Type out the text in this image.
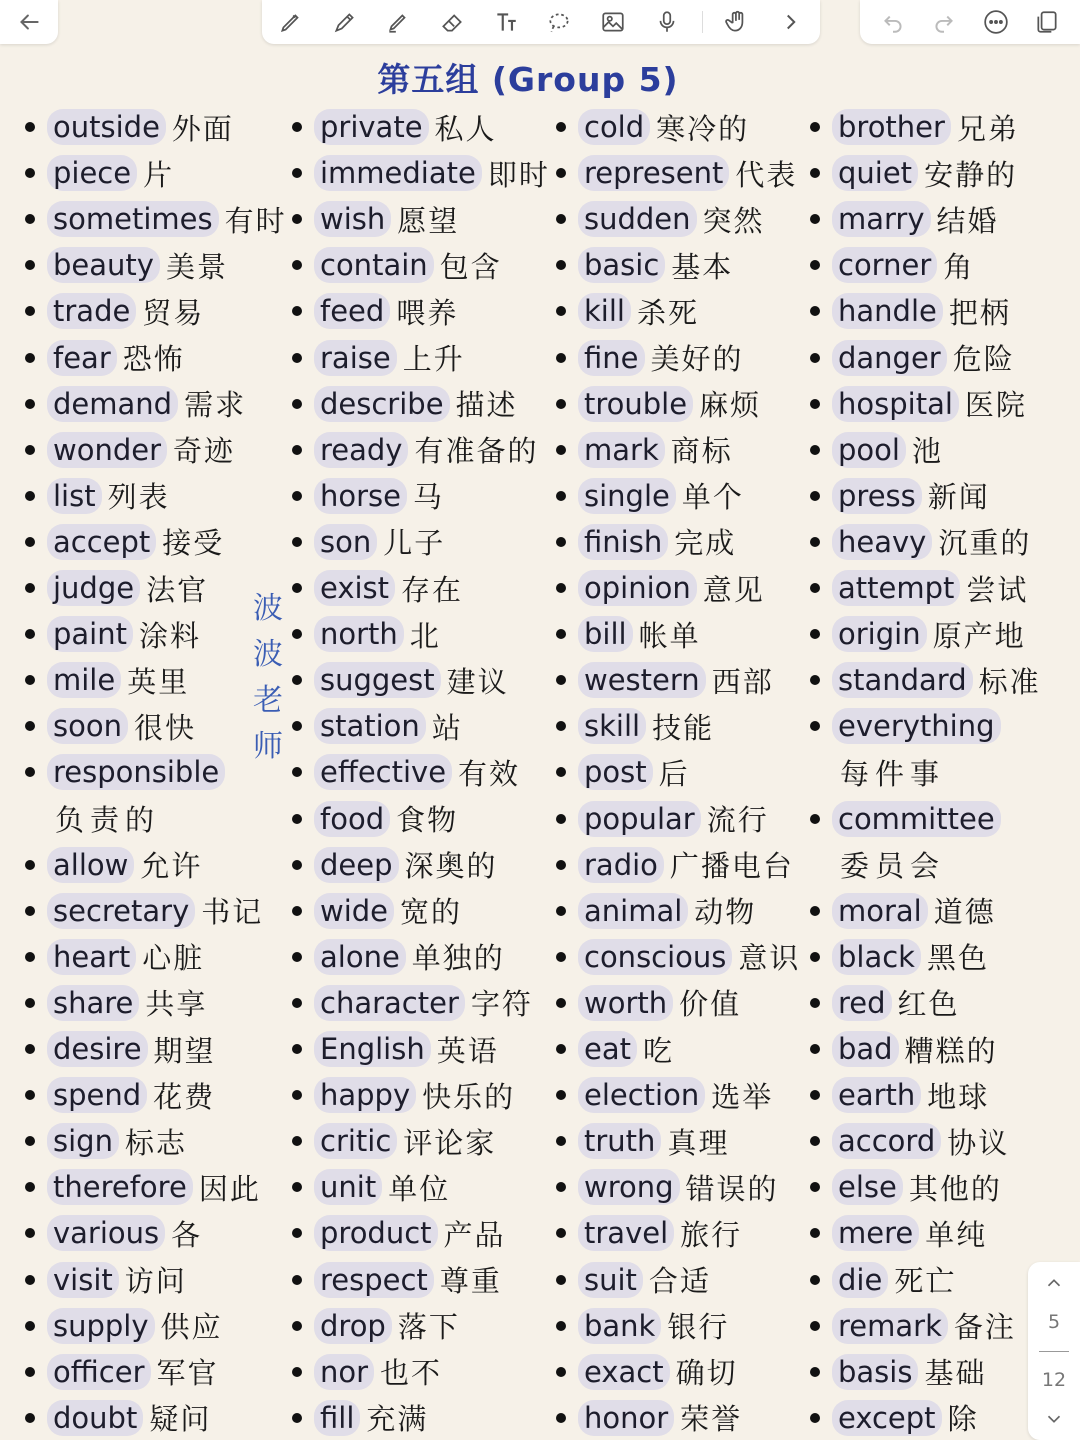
第五组 (Group 5)
outside 外面
piece 片
sometimes 有时
beauty 美景
trade 贸易
fear 恐怖
demand 需求
wonder 奇迹
list 列表
accept 接受
judge 法官
paint 涂料
mile 英里
soon 很快
responsible
负责的
allow 允许
secretary 书记
heart 心脏
share 共享
desire 期望
spend 花费
sign 标志
therefore 因此
various 各
visit 访问
supply 供应
officer 军官
doubt 疑问
private 私人
immediate 即时
wish 愿望
contain 包含
feed 喂养
raise 上升
describe 描述
ready 有准备的
horse 马
son 儿子
exist 存在
north 北
suggest 建议
station 站
effective 有效
food 食物
deep 深奥的
wide 宽的
alone 单独的
character 字符
English 英语
happy 快乐的
critic 评论家
unit 单位
product 产品
respect 尊重
drop 落下
nor 也不
fill 充满
cold 寒冷的
represent 代表
sudden 突然
basic 基本
kill 杀死
fine 美好的
trouble 麻烦
mark 商标
single 单个
finish 完成
opinion 意见
bill 帐单
western 西部
skill 技能
post 后
popular 流行
radio 广播电台
animal 动物
conscious 意识
worth 价值
eat 吃
election 选举
truth 真理
wrong 错误的
travel 旅行
suit 合适
bank 银行
exact 确切
honor 荣誉
brother 兄弟
quiet 安静的
marry 结婚
corner 角
handle 把柄
danger 危险
hospital 医院
pool 池
press 新闻
heavy 沉重的
attempt 尝试
origin 原产地
standard 标准
everything
每件事
committee
委员会
moral 道德
black 黑色
red 红色
bad 糟糕的
earth 地球
accord 协议
else 其他的
mere 单纯
die 死亡
remark 备注
basis 基础
except 除
波波老师
5
12
